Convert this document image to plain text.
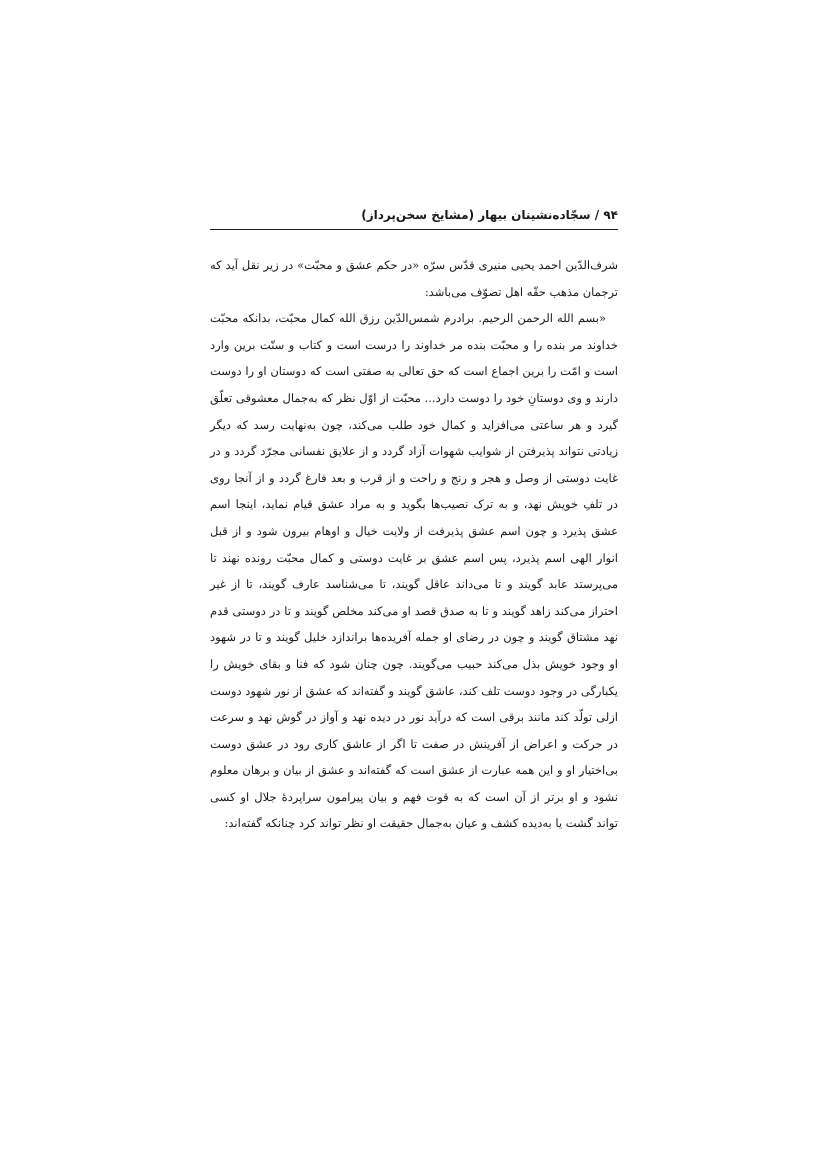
۹۴ / سجّاده‌نشینان بیهار (مشایخ سخن‌پرداز)

شرف‌الدّین احمد یحیی منیری قدّس سرّه «در حکم عشق و محبّت» در زیر نقل آید که ترجمان مذهب حقّه اهل تصوّف می‌باشد:

«بسم الله الرحمن الرحیم. برادرم شمس‌الدّین رزق الله کمال محبّت، بدانکه محبّت خداوند مر بنده را و محبّت بنده مر خداوند را درست است و کتاب و سنّت برین وارد است و امّت را برین اجماع است که حق تعالی به صفتی است که دوستان او را دوست دارند و وی دوستانِ خود را دوست دارد... محبّت از اوّل نظر که به‌جمال معشوقی تعلّق گیرد و هر ساعتی می‌افزاید و کمال خود طلب می‌کند، چون به‌نهایت رسد که دیگر زیادتی نتواند پذیرفتن از شوایب شهوات آزاد گردد و از علایق نفسانی مجرّد گردد و در غایت دوستی از وصل و هجر و رنج و راحت و از قرب و بعد فارغ گردد و از آنجا روی در تلفِ خویش نهد، و به ترک نصیب‌ها بگوید و به مراد عشق قیام نماید، اینجا اسم عشق پذیرد و چون اسم عشق پذیرفت از ولایت خیال و اوهام بیرون شود و از قبل انوار الهی اسم پذیرد، پس اسم عشق بر غایت دوستی و کمال محبّت رونده نهند تا می‌پرستد عابد گویند و تا می‌داند عاقل گویند، تا می‌شناسد عارف گویند، تا از غیر احتراز می‌کند زاهد گویند و تا به صدق قصد او می‌کند مخلص گویند و تا در دوستی قدم نهد مشتاق گویند و چون در رضای او جمله آفریده‌ها براندازد خلیل گویند و تا در شهود او وجود خویش بذل می‌کند حبیب می‌گویند. چون چنان شود که فنا و بقای خویش را یکبارگی در وجود دوست تلف کند، عاشق گویند و گفته‌اند که عشق از نور شهود دوست ازلی تولّد کند مانند برقی است که درآید نور در دیده نهد و آواز در گوش نهد و سرعت در حرکت و اعراض از آفرینش در صفت تا اگر از عاشق کاری رود در عشق دوست بی‌اختیار او و این همه عبارت از عشق است که گفته‌اند و عشق از بیان و برهان معلوم نشود و او برتر از آن است که به قوت فهم و بیان پیرامون سراپردهٔ جلال او کسی تواند گشت یا به‌دیده کشف و عیان به‌جمال حقیقت او نظر تواند کرد چنانکه گفته‌اند:
